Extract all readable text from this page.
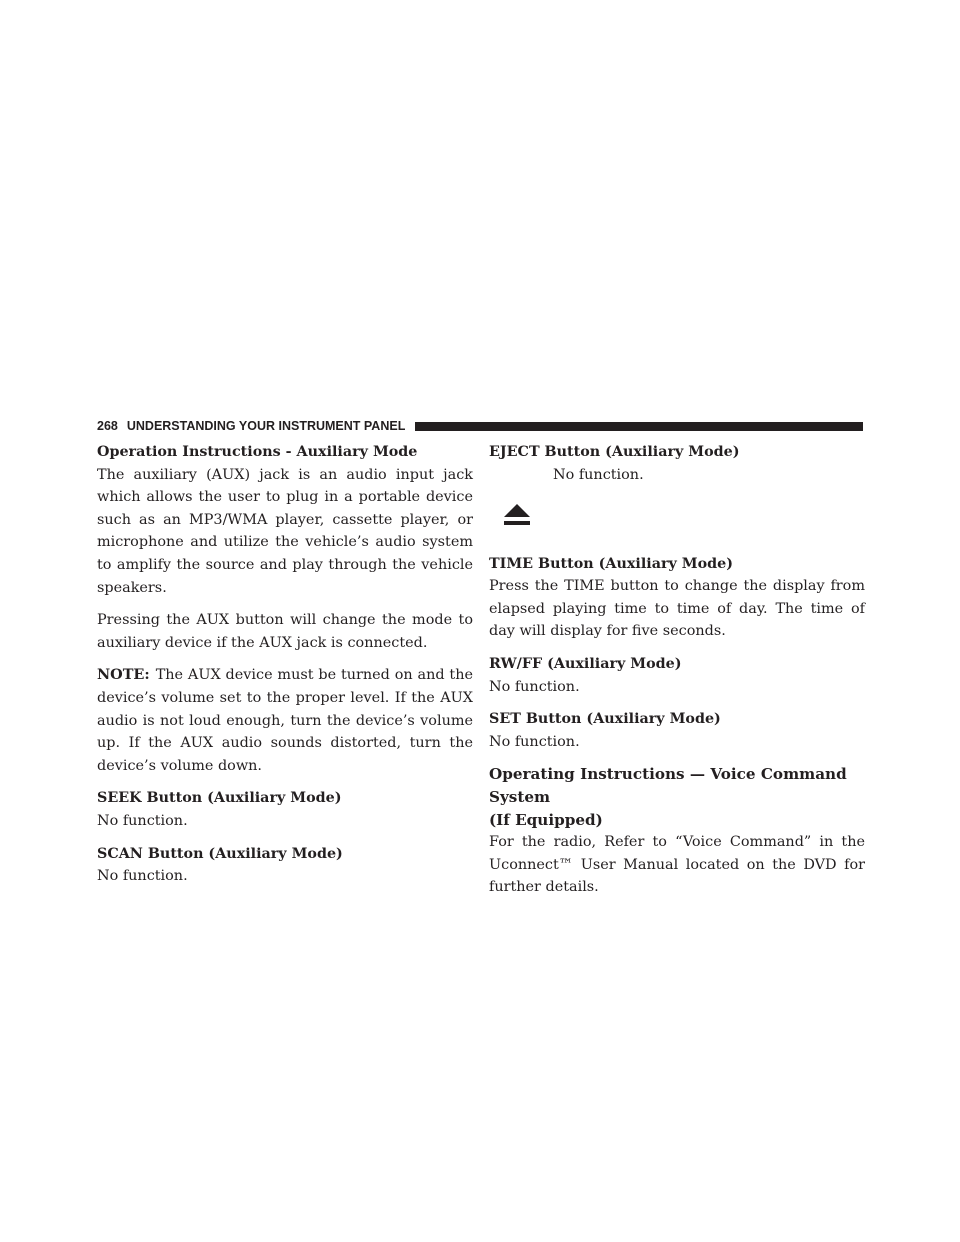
268 UNDERSTANDING YOUR INSTRUMENT PANEL

Operation Instructions - Auxiliary Mode

The auxiliary (AUX) jack is an audio input jack which allows the user to plug in a portable device such as an MP3/WMA player, cassette player, or microphone and utilize the vehicle’s audio system to amplify the source and play through the vehicle speakers.

Pressing the AUX button will change the mode to auxiliary device if the AUX jack is connected.

NOTE: The AUX device must be turned on and the device’s volume set to the proper level. If the AUX audio is not loud enough, turn the device’s volume up. If the AUX audio sounds distorted, turn the device’s volume down.

SEEK Button (Auxiliary Mode)

No function.

SCAN Button (Auxiliary Mode)

No function.

EJECT Button (Auxiliary Mode)

No function.

TIME Button (Auxiliary Mode)

Press the TIME button to change the display from elapsed playing time to time of day. The time of day will display for five seconds.

RW/FF (Auxiliary Mode)

No function.

SET Button (Auxiliary Mode)

No function.

Operating Instructions — Voice Command System

(If Equipped)

For the radio, Refer to “Voice Command” in the Uconnect™ User Manual located on the DVD for further details.
